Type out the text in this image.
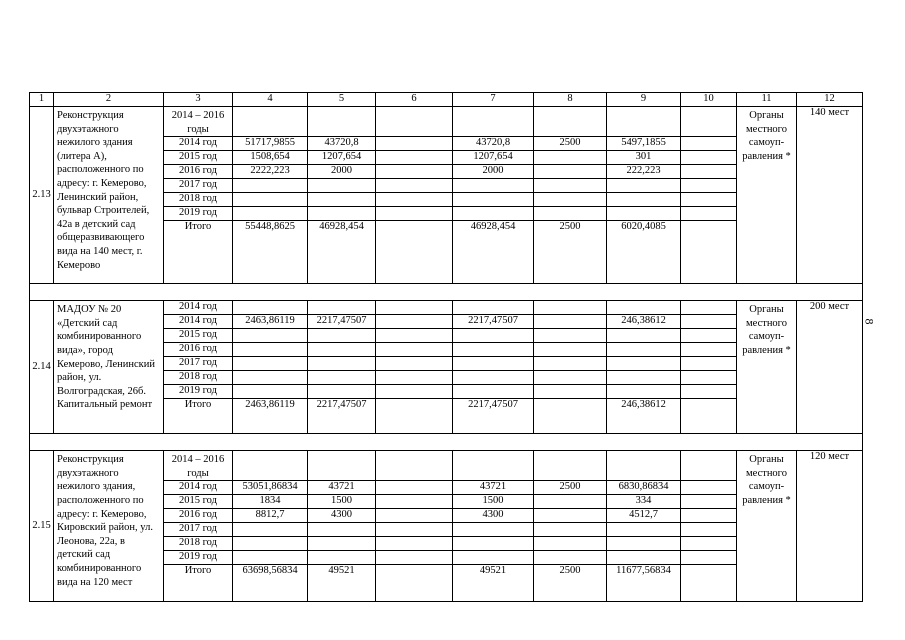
1	2	3	4	5	6	7	8	9	10	11	12
2.13	Реконструкция двухэтажного нежилого здания (литера А), расположенного по адресу: г. Кемерово, Ленинский район, бульвар Строителей, 42а в детский сад общеразвивающего вида на 140 мест, г. Кемерово	2014 – 2016 годы								Органы местного самоуп-равления *	140 мест
		2014 год	51717,9855	43720,8		43720,8	2500	5497,1855			
		2015 год	1508,654	1207,654		1207,654		301			
		2016 год	2222,223	2000		2000		222,223			
		2017 год									
		2018 год									
		2019 год									
		Итого	55448,8625	46928,454		46928,454	2500	6020,4085			

2.14	МАДОУ № 20 «Детский сад комбинированного вида», город Кемерово, Ленинский район, ул. Волгоградская, 26б. Капитальный ремонт	2014 год								Органы местного самоуп-равления *	200 мест
		2014 год	2463,86119	2217,47507		2217,47507		246,38612			
		2015 год									
		2016 год									
		2017 год									
		2018 год									
		2019 год									
		Итого	2463,86119	2217,47507		2217,47507		246,38612			

2.15	Реконструкция двухэтажного нежилого здания, расположенного по адресу: г. Кемерово, Кировский район, ул. Леонова, 22а, в детский сад комбинированного вида на 120 мест	2014 – 2016 годы								Органы местного самоуп-равления *	120 мест
		2014 год	53051,86834	43721		43721	2500	6830,86834			
		2015 год	1834	1500		1500		334			
		2016 год	8812,7	4300		4300		4512,7			
		2017 год									
		2018 год									
		2019 год									
		Итого	63698,56834	49521		49521	2500	11677,56834			
8
